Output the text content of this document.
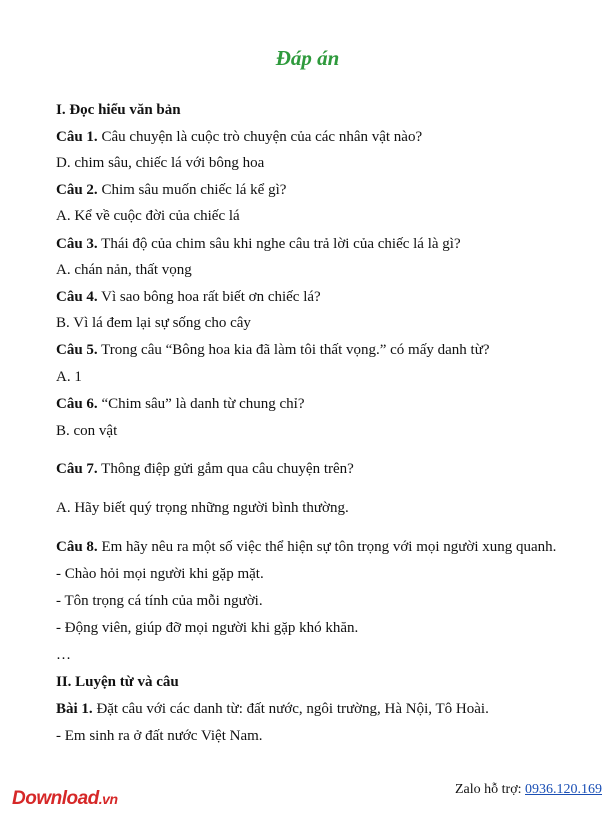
Đáp án
I. Đọc hiểu văn bản
Câu 1. Câu chuyện là cuộc trò chuyện của các nhân vật nào?
D. chim sâu, chiếc lá với bông hoa
Câu 2. Chim sâu muốn chiếc lá kể gì?
A. Kể về cuộc đời của chiếc lá
Câu 3. Thái độ của chim sâu khi nghe câu trả lời của chiếc lá là gì?
A. chán nản, thất vọng
Câu 4. Vì sao bông hoa rất biết ơn chiếc lá?
B. Vì lá đem lại sự sống cho cây
Câu 5. Trong câu “Bông hoa kia đã làm tôi thất vọng.” có mấy danh từ?
A. 1
Câu 6. “Chim sâu” là danh từ chung chỉ?
B. con vật
Câu 7. Thông điệp gửi gắm qua câu chuyện trên?
A. Hãy biết quý trọng những người bình thường.
Câu 8. Em hãy nêu ra một số việc thể hiện sự tôn trọng với mọi người xung quanh.
- Chào hỏi mọi người khi gặp mặt.
- Tôn trọng cá tính của mỗi người.
- Động viên, giúp đỡ mọi người khi gặp khó khăn.
…
II. Luyện từ và câu
Bài 1. Đặt câu với các danh từ: đất nước, ngôi trường, Hà Nội, Tô Hoài.
- Em sinh ra ở đất nước Việt Nam.
Download.vn
Zalo hỗ trợ: 0936.120.169
